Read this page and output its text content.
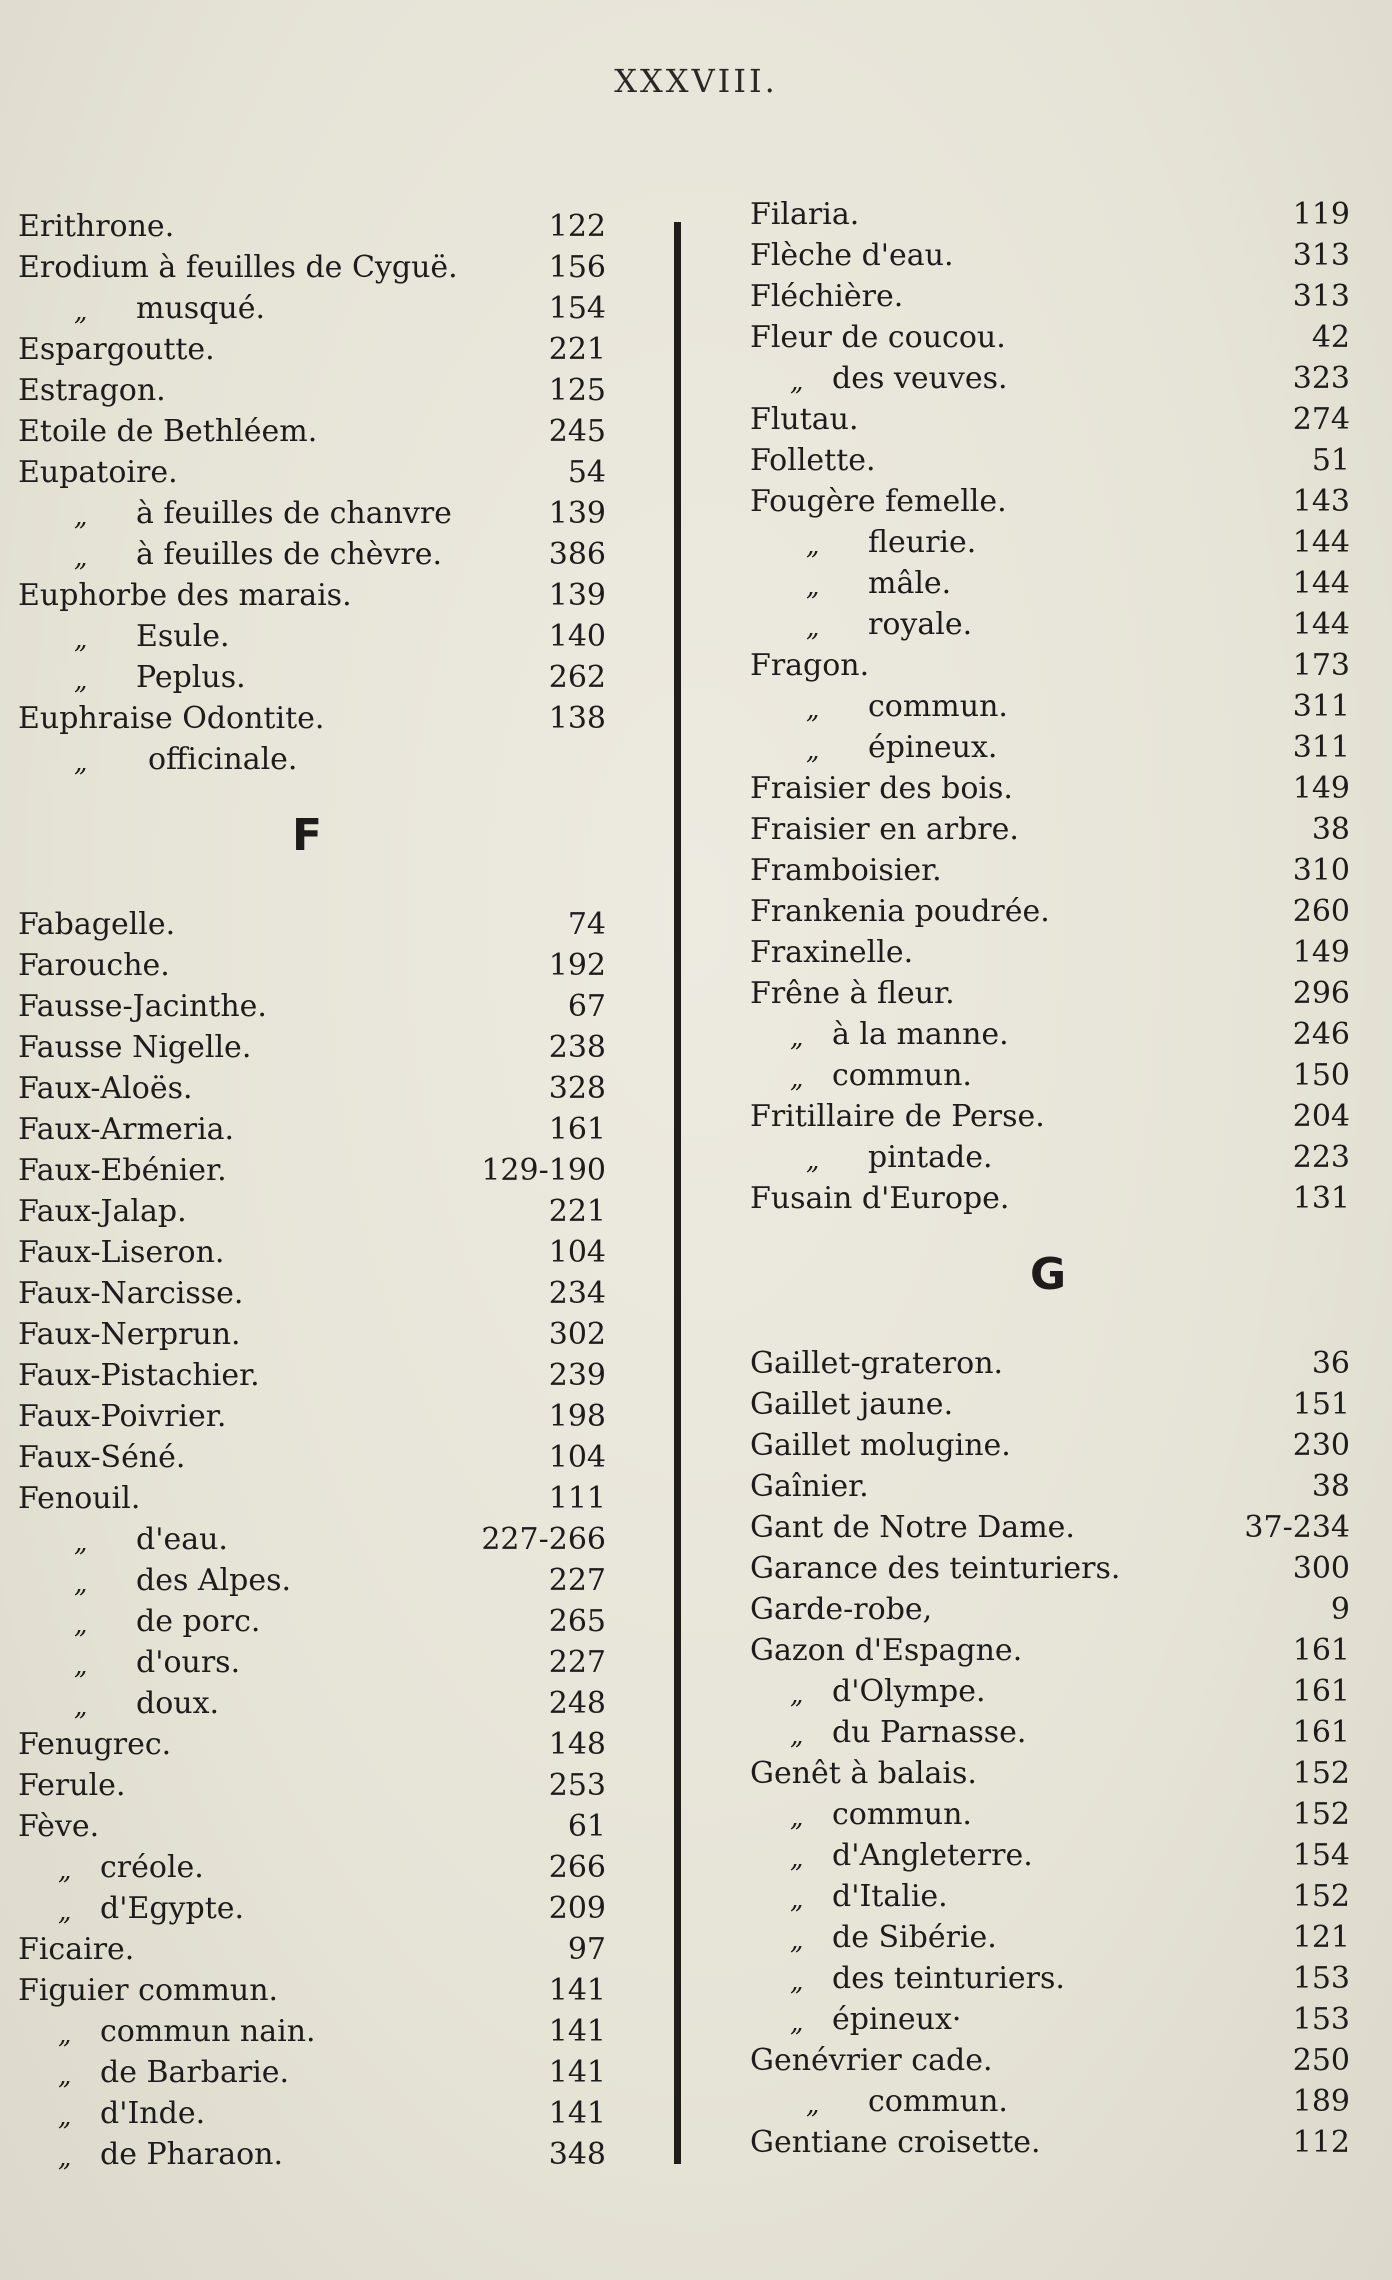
XXXVIII.
Erithrone.	122
Erodium à feuilles de Cyguë.	156
„ musqué.	154
Espargoutte.	221
Estragon.	125
Etoile de Bethléem.	245
Eupatoire.	54
„ à feuilles de chanvre	139
„ à feuilles de chèvre.	386
Euphorbe des marais.	139
„ Esule.	140
„ Peplus.	262
Euphraise Odontite.	138
„ officinale.
F
Fabagelle.	74
Farouche.	192
Fausse-Jacinthe.	67
Fausse Nigelle.	238
Faux-Aloës.	328
Faux-Armeria.	161
Faux-Ebénier.	129-190
Faux-Jalap.	221
Faux-Liseron.	104
Faux-Narcisse.	234
Faux-Nerprun.	302
Faux-Pistachier.	239
Faux-Poivrier.	198
Faux-Séné.	104
Fenouil.	111
„ d'eau.	227-266
„ des Alpes.	227
„ de porc.	265
„ d'ours.	227
„ doux.	248
Fenugrec.	148
Ferule.	253
Fève.	61
„ créole.	266
„ d'Egypte.	209
Ficaire.	97
Figuier commun.	141
„ commun nain.	141
„ de Barbarie.	141
„ d'Inde.	141
„ de Pharaon.	348
Filaria.	119
Flèche d'eau.	313
Fléchière.	313
Fleur de coucou.	42
„ des veuves.	323
Flutau.	274
Follette.	51
Fougère femelle.	143
„ fleurie.	144
„ mâle.	144
„ royale.	144
Fragon.	173
„ commun.	311
„ épineux.	311
Fraisier des bois.	149
Fraisier en arbre.	38
Framboisier.	310
Frankenia poudrée.	260
Fraxinelle.	149
Frêne à fleur.	296
„ à la manne.	246
„ commun.	150
Fritillaire de Perse.	204
„ pintade.	223
Fusain d'Europe.	131
G
Gaillet-grateron.	36
Gaillet jaune.	151
Gaillet molugine.	230
Gaînier.	38
Gant de Notre Dame.	37-234
Garance des teinturiers.	300
Garde-robe,	9
Gazon d'Espagne.	161
„ d'Olympe.	161
„ du Parnasse.	161
Genêt à balais.	152
„ commun.	152
„ d'Angleterre.	154
„ d'Italie.	152
„ de Sibérie.	121
„ des teinturiers.	153
„ épineux·	153
Genévrier cade.	250
„ commun.	189
Gentiane croisette.	112
